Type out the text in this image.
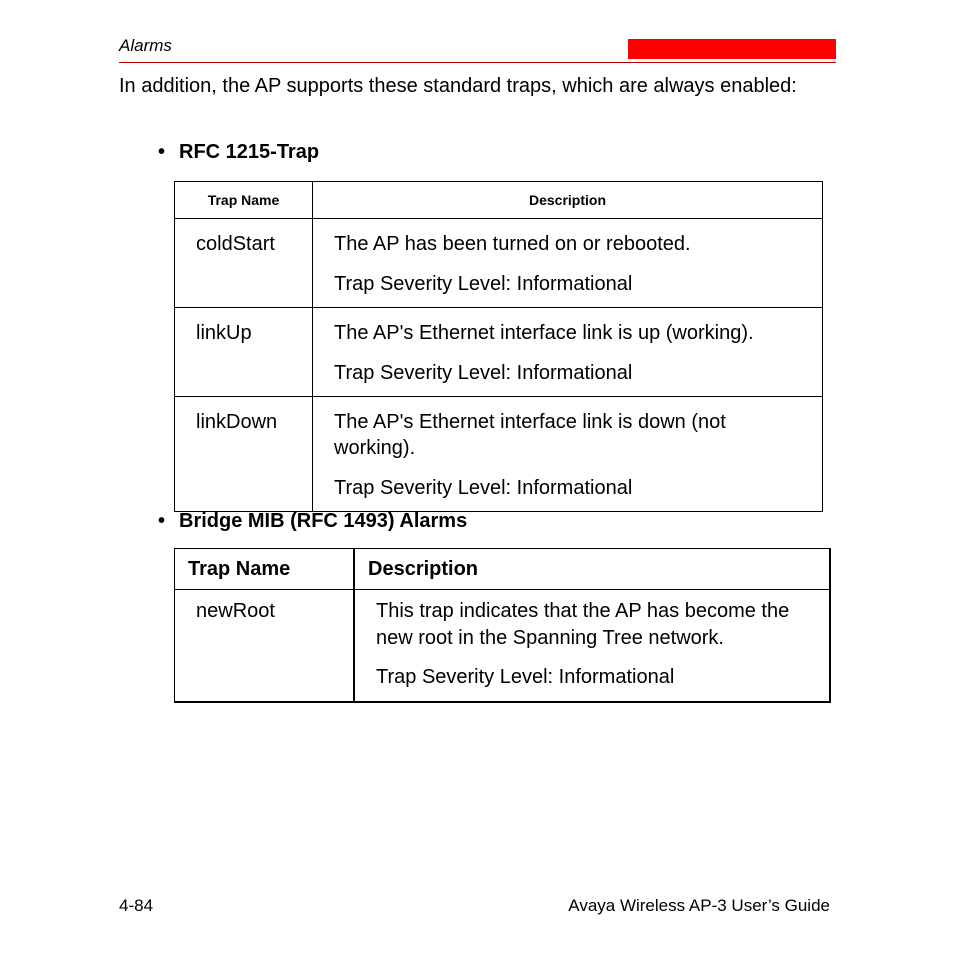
Alarms
In addition, the AP supports these standard traps, which are always enabled:
• RFC 1215-Trap
Trap Name	Description
coldStart	The AP has been turned on or rebooted.
Trap Severity Level: Informational

linkUp	The AP's Ethernet interface link is up (working).
Trap Severity Level: Informational

linkDown	The AP's Ethernet interface link is down (not working).
Trap Severity Level: Informational
• Bridge MIB (RFC 1493) Alarms
Trap Name	Description
newRoot	This trap indicates that the AP has become the new root in the Spanning Tree network.
Trap Severity Level: Informational
4-84	Avaya Wireless AP-3 User’s Guide
